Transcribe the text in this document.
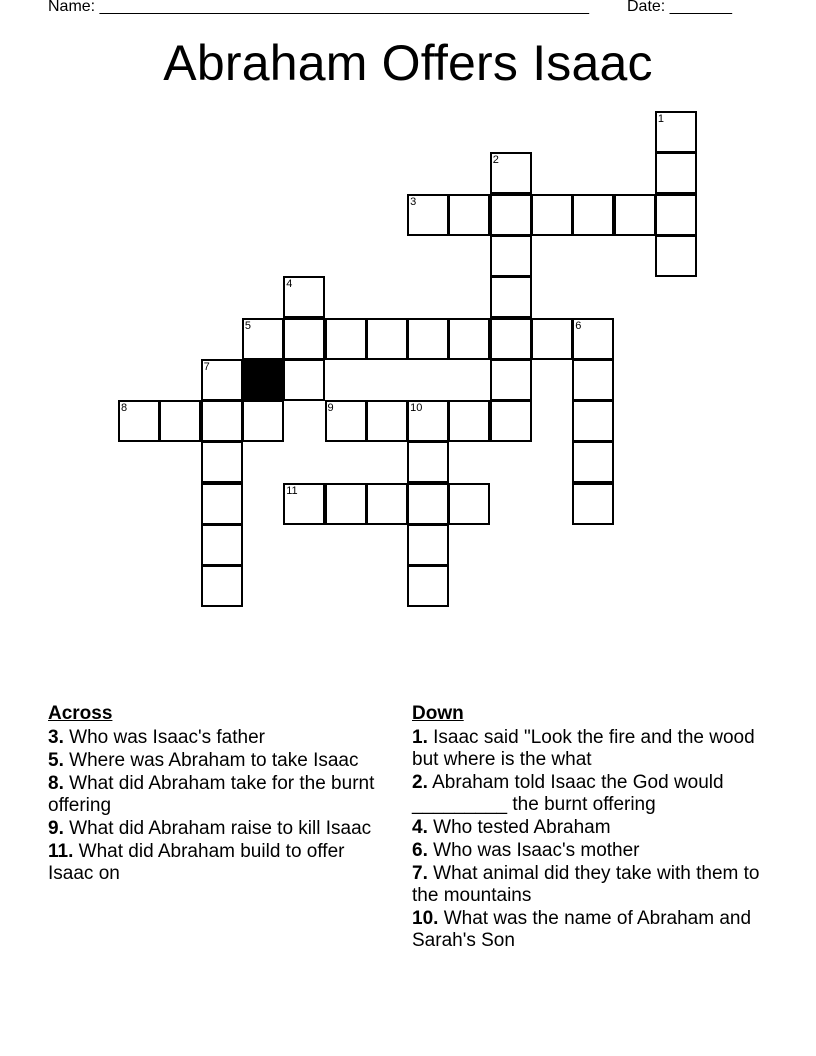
Name: _______________________________________________________ Date: _______
Abraham Offers Isaac
1
2
3
4
5	6
7
8	9	10
11
Across
3. Who was Isaac's father
5. Where was Abraham to take Isaac
8. What did Abraham take for the burnt offering
9. What did Abraham raise to kill Isaac
11. What did Abraham build to offer Isaac on
Down
1. Isaac said "Look the fire and the wood but where is the what
2. Abraham told Isaac the God would _________ the burnt offering
4. Who tested Abraham
6. Who was Isaac's mother
7. What animal did they take with them to the mountains
10. What was the name of Abraham and Sarah's Son
